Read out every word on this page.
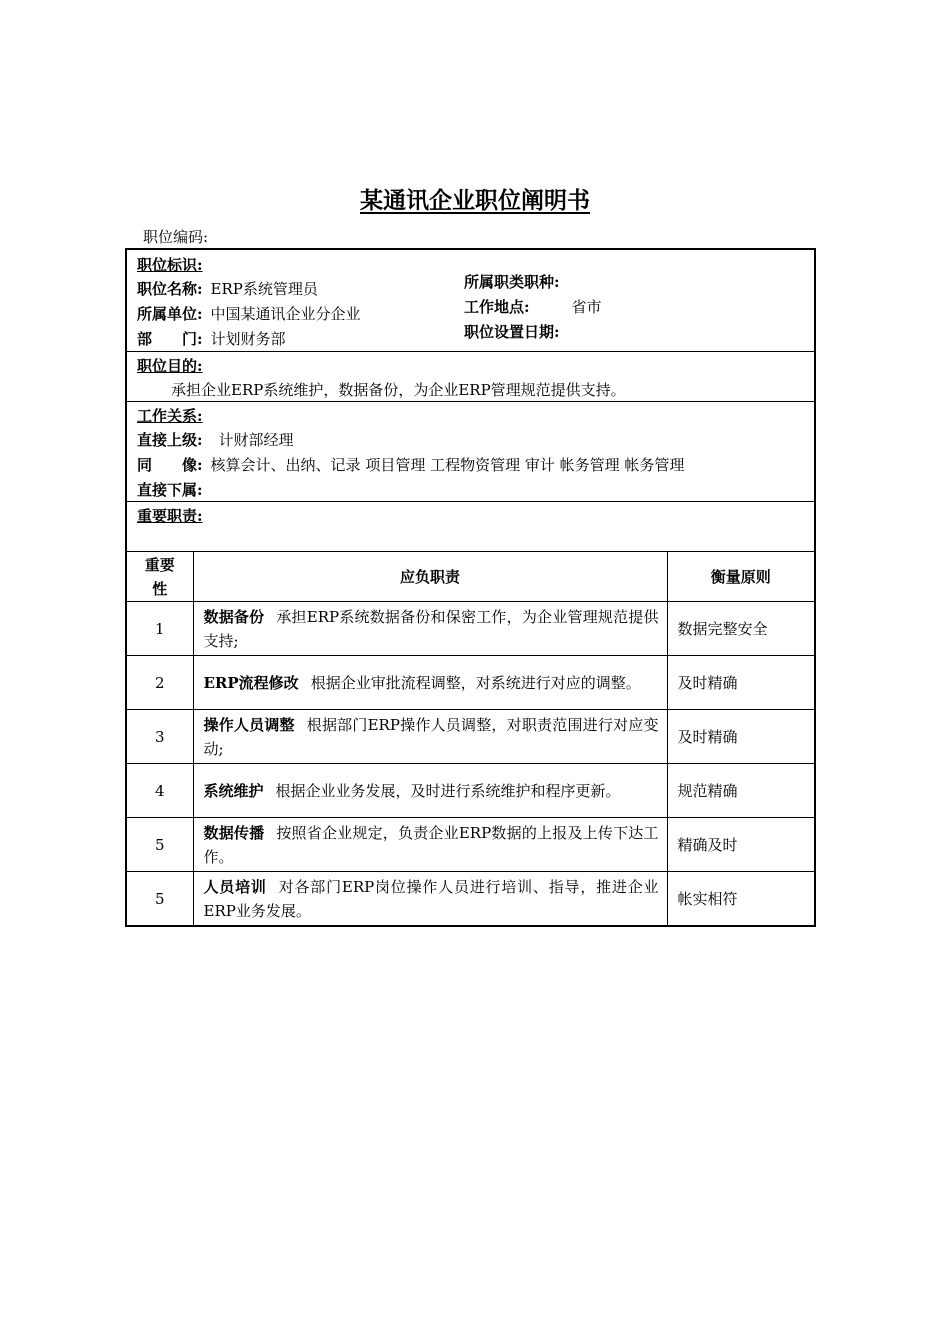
某通讯企业职位阐明书
职位编码:
职位标识:
职位名称: ERP系统管理员
所属单位: 中国某通讯企业分企业
部　　门: 计划财务部
所属职类职种:
工作地点:	省市
职位设置日期:
职位目的:
承担企业ERP系统维护，数据备份，为企业ERP管理规范提供支持。
工作关系:
直接上级: 计财部经理
同　　像: 核算会计、出纳、记录 项目管理 工程物资管理 审计 帐务管理 帐务管理
直接下属:
重要职责:
重要性	应负职责	衡量原则
1	数据备份 承担ERP系统数据备份和保密工作，为企业管理规范提供支持;	数据完整安全
2	ERP流程修改 根据企业审批流程调整，对系统进行对应的调整。	及时精确
3	操作人员调整 根据部门ERP操作人员调整，对职责范围进行对应变动;	及时精确
4	系统维护 根据企业业务发展，及时进行系统维护和程序更新。	规范精确
5	数据传播 按照省企业规定，负责企业ERP数据的上报及上传下达工作。	精确及时
5	人员培训 对各部门ERP岗位操作人员进行培训、指导，推进企业ERP业务发展。	帐实相符
